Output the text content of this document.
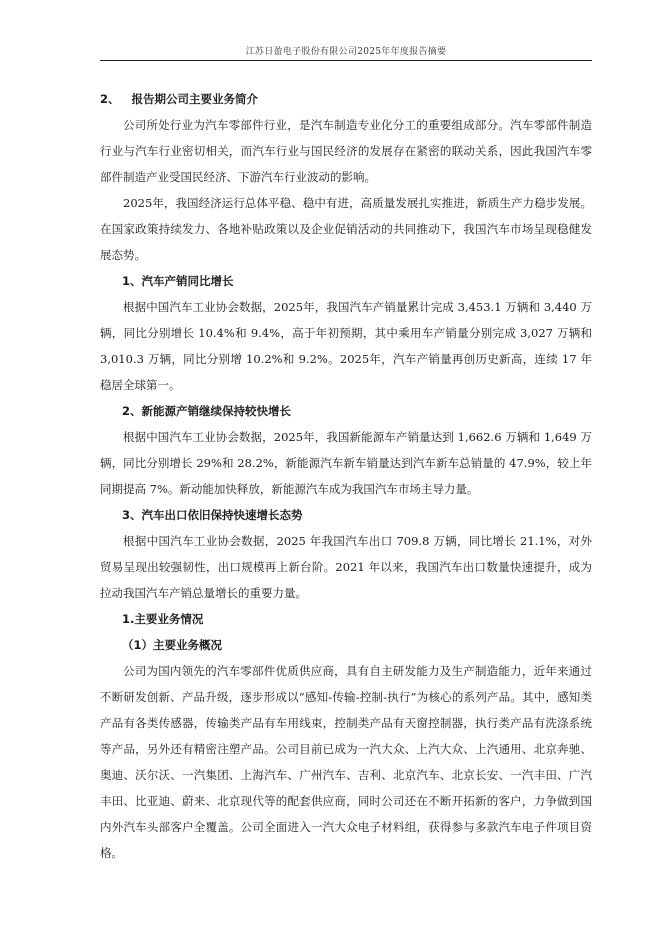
江苏日盈电子股份有限公司2025年年度报告摘要
2、 报告期公司主要业务简介

公司所处行业为汽车零部件行业，是汽车制造专业化分工的重要组成部分。汽车零部件制造行业与汽车行业密切相关，而汽车行业与国民经济的发展存在紧密的联动关系，因此我国汽车零部件制造产业受国民经济、下游汽车行业波动的影响。

2025年，我国经济运行总体平稳、稳中有进，高质量发展扎实推进，新质生产力稳步发展。在国家政策持续发力、各地补贴政策以及企业促销活动的共同推动下，我国汽车市场呈现稳健发展态势。

1、汽车产销同比增长

根据中国汽车工业协会数据，2025年，我国汽车产销量累计完成 3,453.1 万辆和 3,440 万辆，同比分别增长 10.4%和 9.4%，高于年初预期，其中乘用车产销量分别完成 3,027 万辆和 3,010.3 万辆，同比分别增 10.2%和 9.2%。2025年，汽车产销量再创历史新高，连续 17 年稳居全球第一。

2、新能源产销继续保持较快增长

根据中国汽车工业协会数据，2025年，我国新能源车产销量达到 1,662.6 万辆和 1,649 万辆，同比分别增长 29%和 28.2%，新能源汽车新车销量达到汽车新车总销量的 47.9%，较上年同期提高 7%。新动能加快释放，新能源汽车成为我国汽车市场主导力量。

3、汽车出口依旧保持快速增长态势

根据中国汽车工业协会数据，2025 年我国汽车出口 709.8 万辆，同比增长 21.1%，对外贸易呈现出较强韧性，出口规模再上新台阶。2021 年以来，我国汽车出口数量快速提升，成为拉动我国汽车产销总量增长的重要力量。

1.主要业务情况
（1）主要业务概况

公司为国内领先的汽车零部件优质供应商，具有自主研发能力及生产制造能力，近年来通过不断研发创新、产品升级，逐步形成以“感知-传输-控制-执行”为核心的系列产品。其中，感知类产品有各类传感器，传输类产品有车用线束，控制类产品有天窗控制器，执行类产品有洗涤系统等产品，另外还有精密注塑产品。公司目前已成为一汽大众、上汽大众、上汽通用、北京奔驰、奥迪、沃尔沃、一汽集团、上海汽车、广州汽车、吉利、北京汽车、北京长安、一汽丰田、广汽丰田、比亚迪、蔚来、北京现代等的配套供应商，同时公司还在不断开拓新的客户，力争做到国内外汽车头部客户全覆盖。公司全面进入一汽大众电子材料组，获得参与多款汽车电子件项目资格。
